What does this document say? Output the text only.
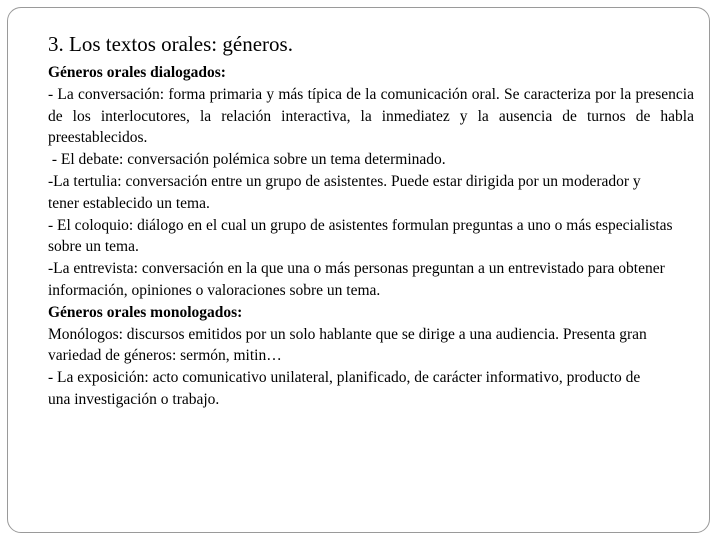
3. Los textos orales: géneros.

Géneros orales dialogados:

- La conversación: forma primaria y más típica de la comunicación oral. Se caracteriza por la presencia de los interlocutores, la relación interactiva, la inmediatez y la ausencia de turnos de habla preestablecidos.

- El debate: conversación polémica sobre un tema determinado.

-La tertulia: conversación entre un grupo de asistentes. Puede estar dirigida por un moderador y tener establecido un tema.

- El coloquio: diálogo en el cual un grupo de asistentes formulan preguntas a uno o más especialistas sobre un tema.

-La entrevista: conversación en la que una o más personas preguntan a un entrevistado para obtener información, opiniones o valoraciones sobre un tema.

Géneros orales monologados:

Monólogos: discursos emitidos por un solo hablante que se dirige a una audiencia. Presenta gran variedad de géneros: sermón, mitin…

- La exposición: acto comunicativo unilateral, planificado, de carácter informativo, producto de una investigación o trabajo.
